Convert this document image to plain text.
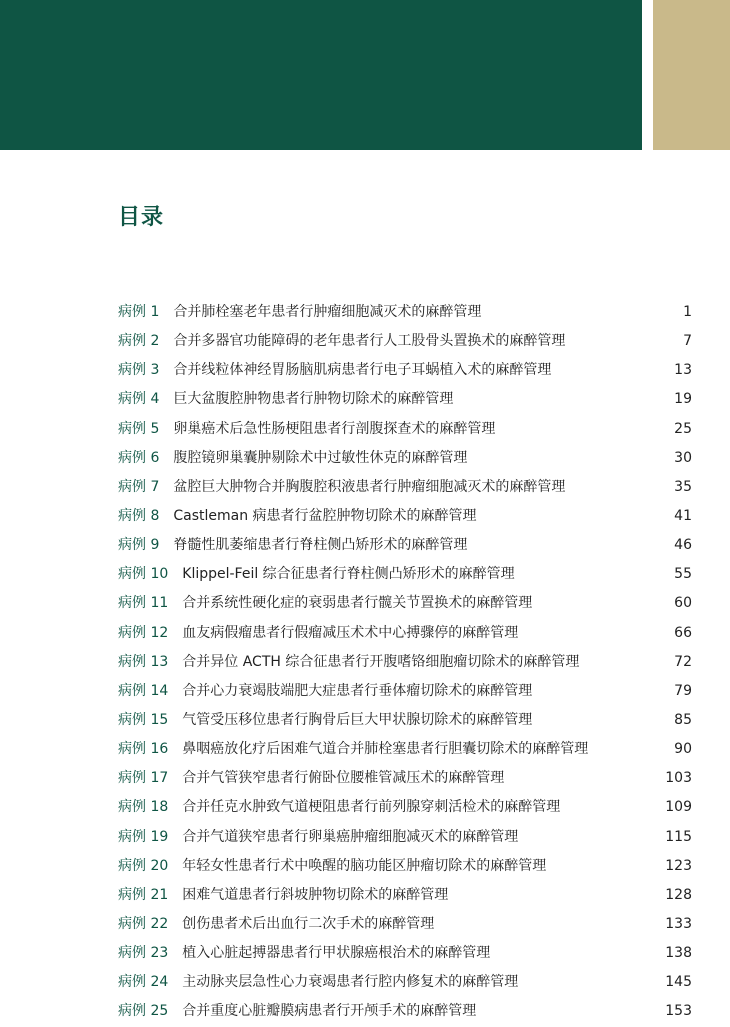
目录
病例 1 合并肺栓塞老年患者行肿瘤细胞减灭术的麻醉管理	1
病例 2 合并多器官功能障碍的老年患者行人工股骨头置换术的麻醉管理	7
病例 3 合并线粒体神经胃肠脑肌病患者行电子耳蜗植入术的麻醉管理	13
病例 4 巨大盆腹腔肿物患者行肿物切除术的麻醉管理	19
病例 5 卵巢癌术后急性肠梗阻患者行剖腹探查术的麻醉管理	25
病例 6 腹腔镜卵巢囊肿剔除术中过敏性休克的麻醉管理	30
病例 7 盆腔巨大肿物合并胸腹腔积液患者行肿瘤细胞减灭术的麻醉管理	35
病例 8 Castleman 病患者行盆腔肿物切除术的麻醉管理	41
病例 9 脊髓性肌萎缩患者行脊柱侧凸矫形术的麻醉管理	46
病例 10 Klippel-Feil 综合征患者行脊柱侧凸矫形术的麻醉管理	55
病例 11 合并系统性硬化症的衰弱患者行髋关节置换术的麻醉管理	60
病例 12 血友病假瘤患者行假瘤减压术术中心搏骤停的麻醉管理	66
病例 13 合并异位 ACTH 综合征患者行开腹嗜铬细胞瘤切除术的麻醉管理	72
病例 14 合并心力衰竭肢端肥大症患者行垂体瘤切除术的麻醉管理	79
病例 15 气管受压移位患者行胸骨后巨大甲状腺切除术的麻醉管理	85
病例 16 鼻咽癌放化疗后困难气道合并肺栓塞患者行胆囊切除术的麻醉管理	90
病例 17 合并气管狭窄患者行俯卧位腰椎管减压术的麻醉管理	103
病例 18 合并任克水肿致气道梗阻患者行前列腺穿刺活检术的麻醉管理	109
病例 19 合并气道狭窄患者行卵巢癌肿瘤细胞减灭术的麻醉管理	115
病例 20 年轻女性患者行术中唤醒的脑功能区肿瘤切除术的麻醉管理	123
病例 21 困难气道患者行斜坡肿物切除术的麻醉管理	128
病例 22 创伤患者术后出血行二次手术的麻醉管理	133
病例 23 植入心脏起搏器患者行甲状腺癌根治术的麻醉管理	138
病例 24 主动脉夹层急性心力衰竭患者行腔内修复术的麻醉管理	145
病例 25 合并重度心脏瓣膜病患者行开颅手术的麻醉管理	153
